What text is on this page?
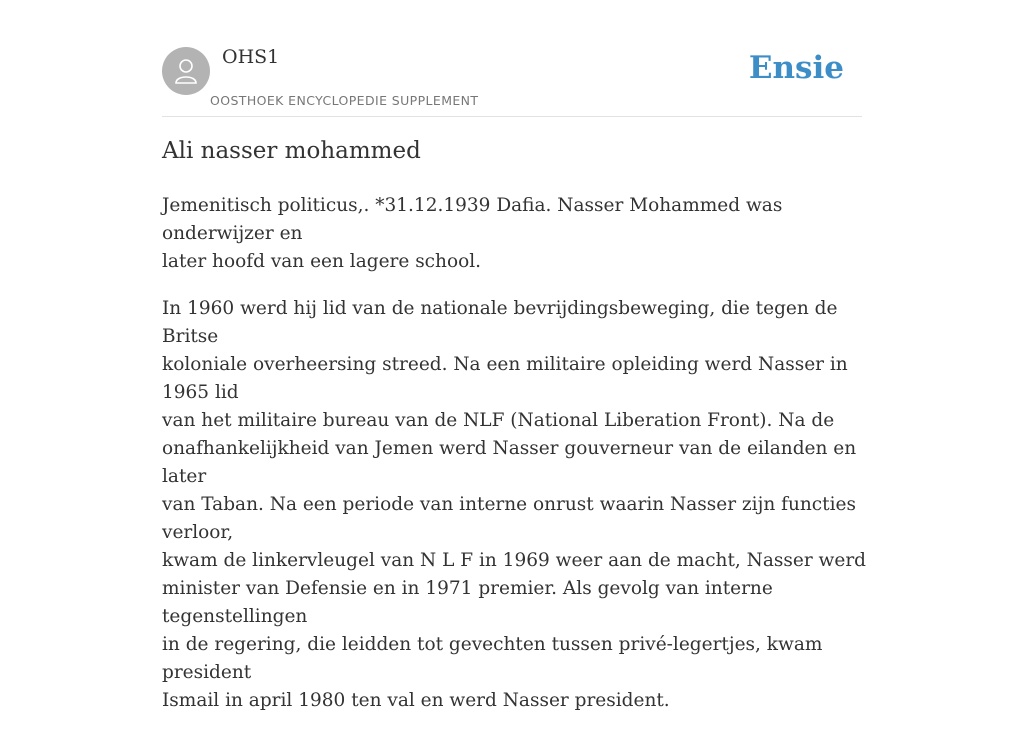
OHS1
OOSTHOEK ENCYCLOPEDIE SUPPLEMENT
Ensie
Ali nasser mohammed

Jemenitisch politicus,. *31.12.1939 Dafia. Nasser Mohammed was onderwijzer en
later hoofd van een lagere school.

In 1960 werd hij lid van de nationale bevrijdingsbeweging, die tegen de Britse
koloniale overheersing streed. Na een militaire opleiding werd Nasser in 1965 lid
van het militaire bureau van de NLF (National Liberation Front). Na de
onafhankelijkheid van Jemen werd Nasser gouverneur van de eilanden en later
van Taban. Na een periode van interne onrust waarin Nasser zijn functies verloor,
kwam de linkervleugel van N L F in 1969 weer aan de macht, Nasser werd
minister van Defensie en in 1971 premier. Als gevolg van interne tegenstellingen
in de regering, die leidden tot gevechten tussen privé-legertjes, kwam president
Ismail in april 1980 ten val en werd Nasser president.
